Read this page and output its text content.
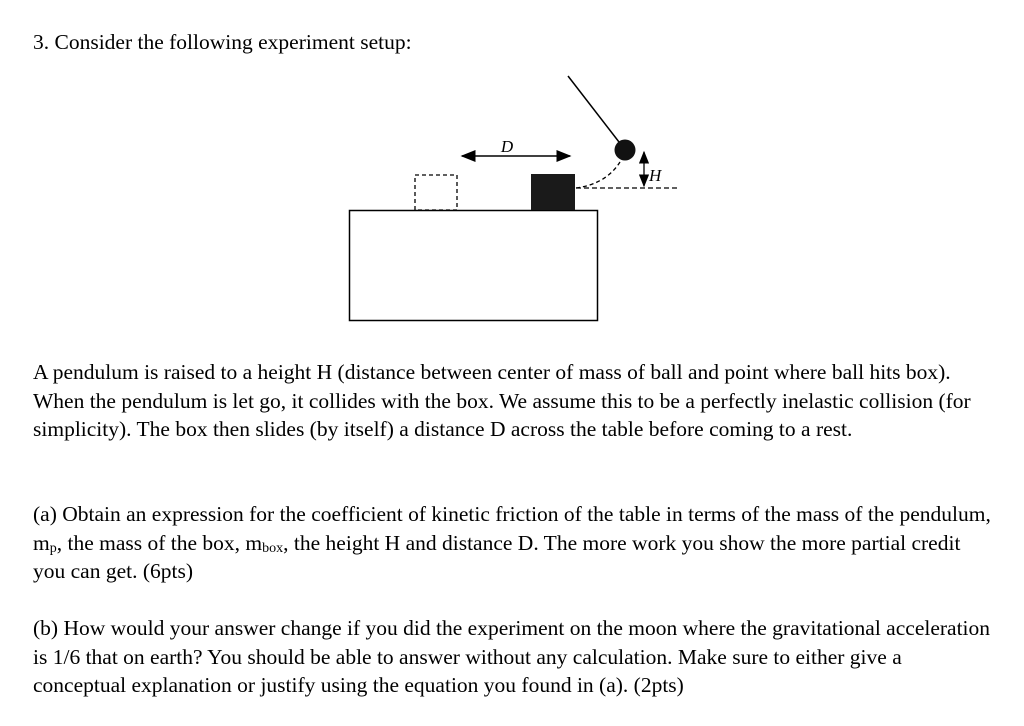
3. Consider the following experiment setup:

D
H

A pendulum is raised to a height H (distance between center of mass of ball and point where ball hits box). When the pendulum is let go, it collides with the box. We assume this to be a perfectly inelastic collision (for simplicity). The box then slides (by itself) a distance D across the table before coming to a rest.

(a) Obtain an expression for the coefficient of kinetic friction of the table in terms of the mass of the pendulum, $m_p$, the mass of the box, $m_{box}$, the height H and distance D. The more work you show the more partial credit you can get. (6pts)

(b) How would your answer change if you did the experiment on the moon where the gravitational acceleration is 1/6 that on earth? You should be able to answer without any calculation. Make sure to either give a conceptual explanation or justify using the equation you found in (a). (2pts)
